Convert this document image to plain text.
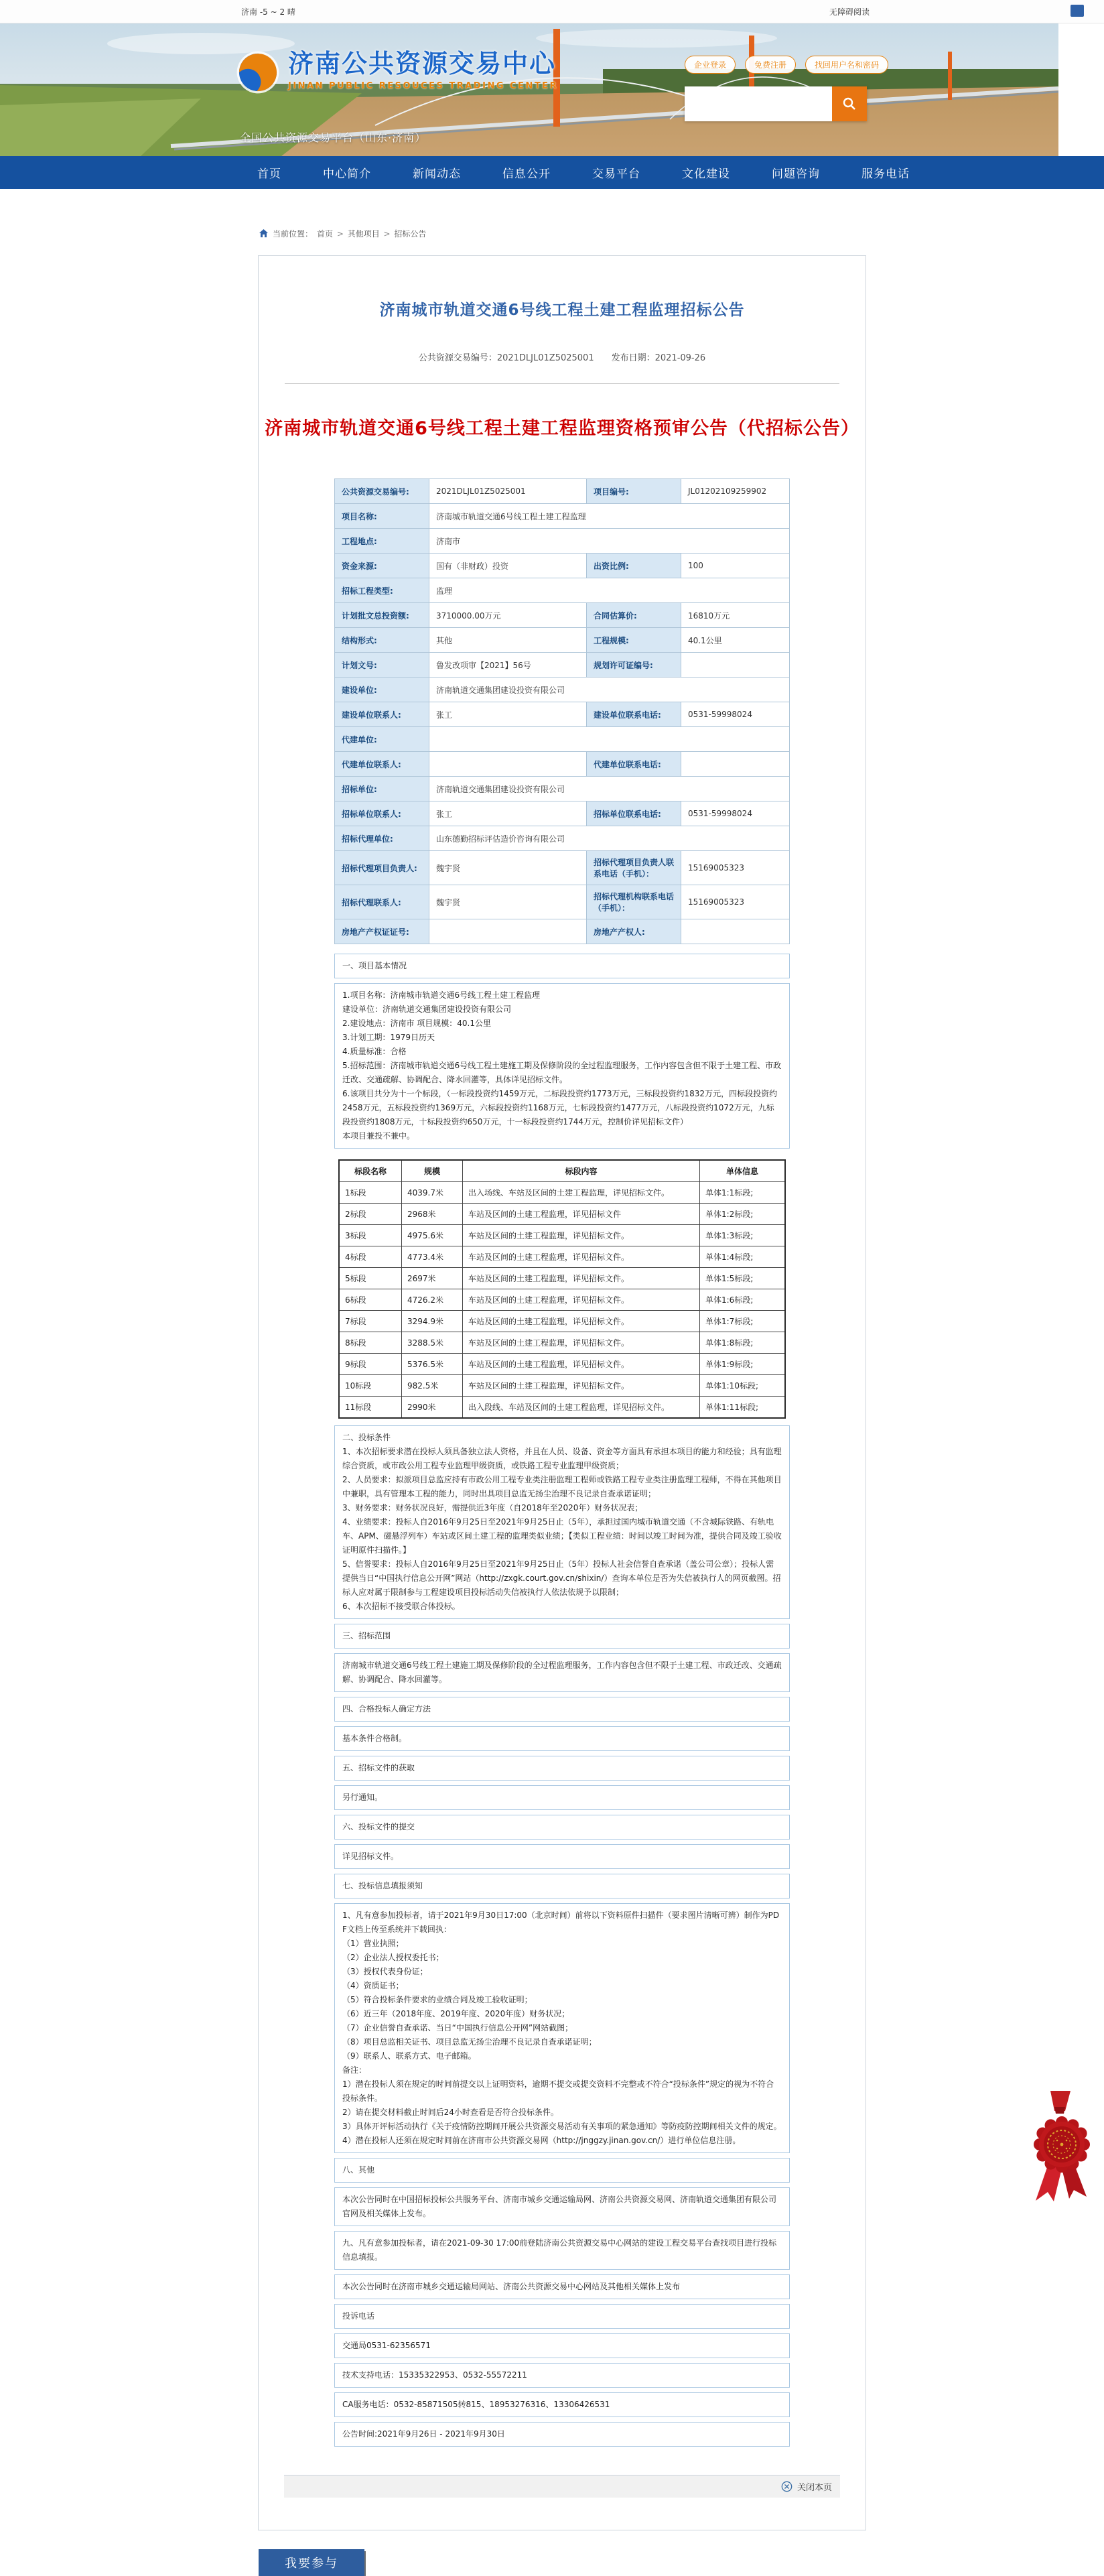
济南 -5 ~ 2 晴	无障碍阅读
济南公共资源交易中心
JINAN PUBLIC RESOUCES TRADING CENTER
全国公共资源交易平台（山东·济南）
企业登录	免费注册	找回用户名和密码
首页	中心简介	新闻动态	信息公开	交易平台	文化建设	问题咨询	服务电话
当前位置： 首页 > 其他项目 > 招标公告
济南城市轨道交通6号线工程土建工程监理招标公告
公共资源交易编号：2021DLJL01Z5025001 发布日期：2021-09-26
济南城市轨道交通6号线工程土建工程监理资格预审公告（代招标公告）
公共资源交易编号:	2021DLJL01Z5025001	项目编号:	JL01202109259902
项目名称:	济南城市轨道交通6号线工程土建工程监理		
工程地点:	济南市		
资金来源:	国有（非财政）投资	出资比例:	100
招标工程类型:	监理		
计划批文总投资额:	3710000.00万元	合同估算价:	16810万元
结构形式:	其他	工程规模:	40.1公里
计划文号:	鲁发改项审【2021】56号	规划许可证编号:	
建设单位:	济南轨道交通集团建设投资有限公司		
建设单位联系人:	张工	建设单位联系电话:	0531-59998024
代建单位:			
代建单位联系人:		代建单位联系电话:	
招标单位:	济南轨道交通集团建设投资有限公司		
招标单位联系人:	张工	招标单位联系电话:	0531-59998024
招标代理单位:	山东德勤招标评估造价咨询有限公司		
招标代理项目负责人:	魏宇贤	招标代理项目负责人联系电话（手机）：	15169005323
招标代理联系人:	魏宇贤	招标代理机构联系电话（手机）：	15169005323
房地产产权证证号:		房地产产权人:	

一、项目基本情况

1.项目名称：济南城市轨道交通6号线工程土建工程监理

建设单位：济南轨道交通集团建设投资有限公司

2.建设地点：济南市 项目规模：40.1公里

3.计划工期：1979日历天

4.质量标准：合格

5.招标范围：济南城市轨道交通6号线工程土建施工期及保修阶段的全过程监理服务，工作内容包含但不限于土建工程、市政迁改、交通疏解、协调配合、降水回灌等，具体详见招标文件。

6.该项目共分为十一个标段，（一标段投资约1459万元，二标段投资约1773万元，三标段投资约1832万元，四标段投资约2458万元，五标段投资约1369万元，六标段投资约1168万元，七标段投资约1477万元，八标段投资约1072万元，九标段投资约1808万元，十标段投资约650万元，十一标段投资约1744万元，控制价详见招标文件）

本项目兼投不兼中。

标段名称	规模	标段内容	单体信息
1标段	4039.7米	出入场线、车站及区间的土建工程监理，详见招标文件。	单体1:1标段;
2标段	2968米	车站及区间的土建工程监理，详见招标文件	单体1:2标段;
3标段	4975.6米	车站及区间的土建工程监理，详见招标文件。	单体1:3标段;
4标段	4773.4米	车站及区间的土建工程监理，详见招标文件。	单体1:4标段;
5标段	2697米	车站及区间的土建工程监理，详见招标文件。	单体1:5标段;
6标段	4726.2米	车站及区间的土建工程监理，详见招标文件。	单体1:6标段;
7标段	3294.9米	车站及区间的土建工程监理，详见招标文件。	单体1:7标段;
8标段	3288.5米	车站及区间的土建工程监理，详见招标文件。	单体1:8标段;
9标段	5376.5米	车站及区间的土建工程监理，详见招标文件。	单体1:9标段;
10标段	982.5米	车站及区间的土建工程监理，详见招标文件。	单体1:10标段;
11标段	2990米	出入段线、车站及区间的土建工程监理，详见招标文件。	单体1:11标段;

二、投标条件

1、本次招标要求潜在投标人须具备独立法人资格，并且在人员、设备、资金等方面具有承担本项目的能力和经验；具有监理综合资质，或市政公用工程专业监理甲级资质，或铁路工程专业监理甲级资质；

2、人员要求：拟派项目总监应持有市政公用工程专业类注册监理工程师或铁路工程专业类注册监理工程师，不得在其他项目中兼职，具有管理本工程的能力，同时出具项目总监无扬尘治理不良记录自查承诺证明；

3、财务要求：财务状况良好，需提供近3年度（自2018年至2020年）财务状况表；

4、业绩要求：投标人自2016年9月25日至2021年9月25日止（5年），承担过国内城市轨道交通（不含城际铁路、有轨电车、APM、磁悬浮列车）车站或区间土建工程的监理类似业绩；【类似工程业绩：时间以竣工时间为准，提供合同及竣工验收证明原件扫描件。】

5、信誉要求：投标人自2016年9月25日至2021年9月25日止（5年）投标人社会信誉自查承诺（盖公司公章）；投标人需提供当日“中国执行信息公开网”网站（http://zxgk.court.gov.cn/shixin/）查询本单位是否为失信被执行人的网页截图。招标人应对属于限制参与工程建设项目投标活动失信被执行人依法依规予以限制；

6、本次招标不接受联合体投标。

三、招标范围

济南城市轨道交通6号线工程土建施工期及保修阶段的全过程监理服务，工作内容包含但不限于土建工程、市政迁改、交通疏解、协调配合、降水回灌等。

四、合格投标人确定方法

基本条件合格制。

五、招标文件的获取

另行通知。

六、投标文件的提交

详见招标文件。

七、投标信息填报须知

1、凡有意参加投标者，请于2021年9月30日17:00（北京时间）前将以下资料原件扫描件（要求图片清晰可辨）制作为PDF文档上传至系统并下载回执：

（1）营业执照；

（2）企业法人授权委托书；

（3）授权代表身份证；

（4）资质证书；

（5）符合投标条件要求的业绩合同及竣工验收证明；

（6）近三年（2018年度、2019年度、2020年度）财务状况；

（7）企业信誉自查承诺、当日“中国执行信息公开网”网站截图；

（8）项目总监相关证书、项目总监无扬尘治理不良记录自查承诺证明；

（9）联系人、联系方式、电子邮箱。

备注：

1）潜在投标人须在规定的时间前提交以上证明资料，逾期不提交或提交资料不完整或不符合“投标条件”规定的视为不符合投标条件。

2）请在提交材料截止时间后24小时查看是否符合投标条件。

3）具体开评标活动执行《关于疫情防控期间开展公共资源交易活动有关事项的紧急通知》等防疫防控期间相关文件的规定。

4）潜在投标人还须在规定时间前在济南市公共资源交易网（http://jnggzy.jinan.gov.cn/）进行单位信息注册。

八、其他

本次公告同时在中国招标投标公共服务平台、济南市城乡交通运输局网、济南公共资源交易网、济南轨道交通集团有限公司官网及相关媒体上发布。

九、凡有意参加投标者，请在2021-09-30 17:00前登陆济南公共资源交易中心网站的建设工程交易平台查找项目进行投标信息填报。

本次公告同时在济南市城乡交通运输局网站、济南公共资源交易中心网站及其他相关媒体上发布

投诉电话

交通局0531-62356571

技术支持电话：15335322953、0532-55572211

CA服务电话：0532-85871505转815、18953276316、13306426531

公告时间:2021年9月26日 - 2021年9月30日

关闭本页
我要参与
